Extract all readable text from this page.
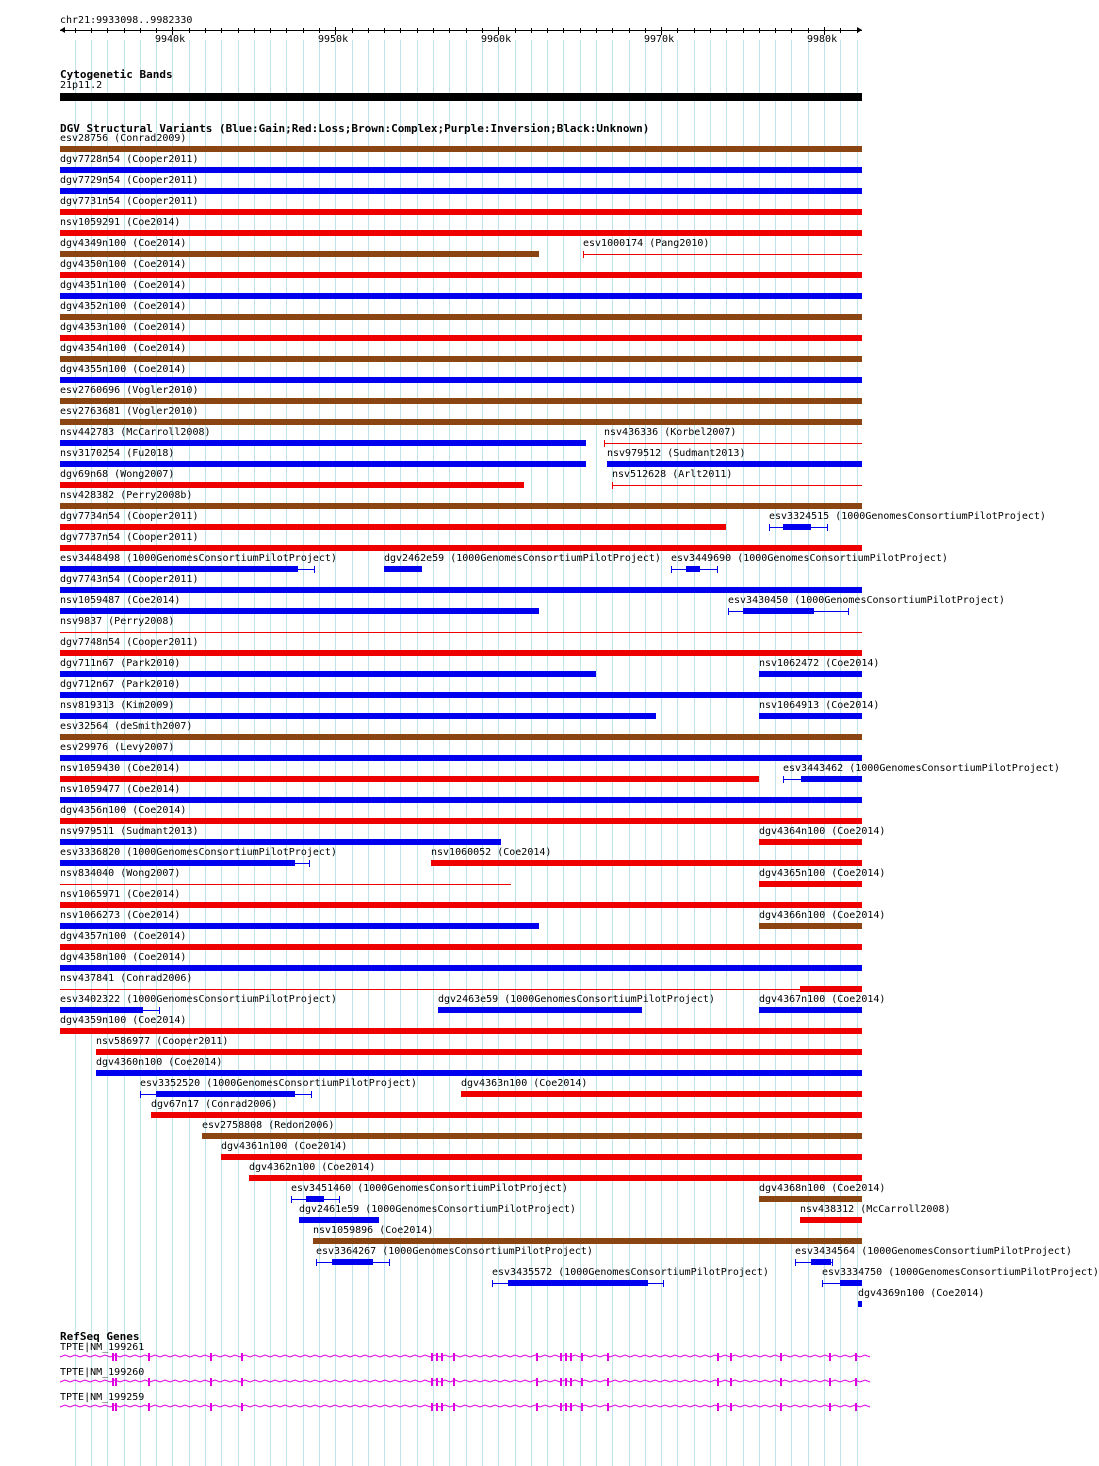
chr21:9933098..9982330
9940k	9950k	9960k	9970k	9980k
Cytogenetic Bands
21p11.2
DGV Structural Variants (Blue:Gain;Red:Loss;Brown:Complex;Purple:Inversion;Black:Unknown)
esv28756 (Conrad2009)
dgv7728n54 (Cooper2011)
dgv7729n54 (Cooper2011)
dgv7731n54 (Cooper2011)
nsv1059291 (Coe2014)
dgv4349n100 (Coe2014)	esv1000174 (Pang2010)
dgv4350n100 (Coe2014)
dgv4351n100 (Coe2014)
dgv4352n100 (Coe2014)
dgv4353n100 (Coe2014)
dgv4354n100 (Coe2014)
dgv4355n100 (Coe2014)
esv2760696 (Vogler2010)
esv2763681 (Vogler2010)
nsv442783 (McCarroll2008)	nsv436336 (Korbel2007)
nsv3170254 (Fu2018)	nsv979512 (Sudmant2013)
dgv69n68 (Wong2007)	nsv512628 (Arlt2011)
nsv428382 (Perry2008b)
dgv7734n54 (Cooper2011)	esv3324515 (1000GenomesConsortiumPilotProject)
dgv7737n54 (Cooper2011)
esv3448498 (1000GenomesConsortiumPilotProject)	dgv2462e59 (1000GenomesConsortiumPilotProject) esv3449690 (1000GenomesConsortiumPilotProject)
dgv7743n54 (Cooper2011)
nsv1059487 (Coe2014)	esv3430450 (1000GenomesConsortiumPilotProject)
nsv9837 (Perry2008)
dgv7748n54 (Cooper2011)
dgv711n67 (Park2010)	nsv1062472 (Coe2014)
dgv712n67 (Park2010)
nsv819313 (Kim2009)	nsv1064913 (Coe2014)
esv32564 (deSmith2007)
esv29976 (Levy2007)
nsv1059430 (Coe2014)	esv3443462 (1000GenomesConsortiumPilotProject)
nsv1059477 (Coe2014)
dgv4356n100 (Coe2014)
nsv979511 (Sudmant2013)	dgv4364n100 (Coe2014)
esv3336820 (1000GenomesConsortiumPilotProject)	nsv1060052 (Coe2014)
nsv834040 (Wong2007)	dgv4365n100 (Coe2014)
nsv1065971 (Coe2014)
nsv1066273 (Coe2014)	dgv4366n100 (Coe2014)
dgv4357n100 (Coe2014)
dgv4358n100 (Coe2014)
nsv437841 (Conrad2006)
esv3402322 (1000GenomesConsortiumPilotProject)	dgv2463e59 (1000GenomesConsortiumPilotProject)	dgv4367n100 (Coe2014)
dgv4359n100 (Coe2014)
nsv586977 (Cooper2011)
dgv4360n100 (Coe2014)
esv3352520 (1000GenomesConsortiumPilotProject)	dgv4363n100 (Coe2014)
dgv67n17 (Conrad2006)
esv2758808 (Redon2006)
dgv4361n100 (Coe2014)
dgv4362n100 (Coe2014)
esv3451460 (1000GenomesConsortiumPilotProject)	dgv4368n100 (Coe2014)
dgv2461e59 (1000GenomesConsortiumPilotProject)	nsv438312 (McCarroll2008)
nsv1059896 (Coe2014)
esv3364267 (1000GenomesConsortiumPilotProject)	esv3434564 (1000GenomesConsortiumPilotProject)
esv3435572 (1000GenomesConsortiumPilotProject)	esv3334750 (1000GenomesConsortiumPilotProject)
dgv4369n100 (Coe2014)
RefSeq Genes
TPTE|NM_199261
TPTE|NM_199260
TPTE|NM_199259
